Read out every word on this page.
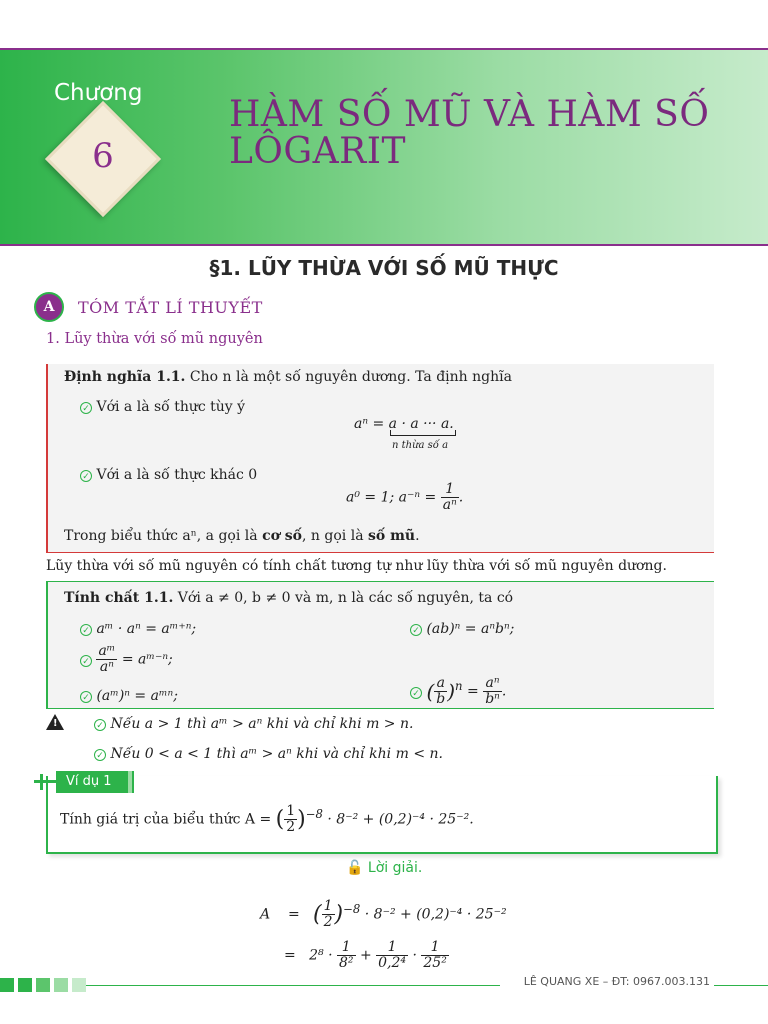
Chương
6
HÀM SỐ MŨ VÀ HÀM SỐ
LÔGARIT
§1. LŨY THỪA VỚI SỐ MŨ THỰC
A	TÓM TẮT LÍ THUYẾT
1. Lũy thừa với số mũ nguyên
Định nghĩa 1.1. Cho n là một số nguyên dương. Ta định nghĩa
✓ Với a là số thực tùy ý
aⁿ = a · a ··· a.
n thừa số a
✓ Với a là số thực khác 0
a⁰ = 1; $a^{-n} = \frac{1}{\text{aⁿ}}$ .
Trong biểu thức aⁿ, a gọi là cơ số, n gọi là số mũ.
Lũy thừa với số mũ nguyên có tính chất tương tự như lũy thừa với số mũ nguyên dương.
Tính chất 1.1. Với a ≠ 0, b ≠ 0 và m, n là các số nguyên, ta có
✓ aᵐ · aⁿ = aᵐ⁺ⁿ;	✓ (ab)ⁿ = aⁿbⁿ;
✓ $\frac{\text{aᵐ}}{\text{aⁿ}}$ = aᵐ⁻ⁿ;
✓ (aᵐ)ⁿ = aᵐⁿ;	✓ ( $\frac{a}{b} )^n = \frac{\text{aⁿ}}{\text{bⁿ}}$ .
!	✓ Nếu a > 1 thì aᵐ > aⁿ khi và chỉ khi m > n.
✓ Nếu 0 < a < 1 thì aᵐ > aⁿ khi và chỉ khi m < n.
Ví dụ 1
Tính giá trị của biểu thức A = ( $\frac{1}{2} )^{-8} \cdot 8^{-2} + (0,2)^{-4} \cdot 25^{-2}$.
🔓 Lời giải.
A = ( $\frac{1}{2} )^{-8} \cdot 8^{-2} + (0,2)^{-4} \cdot 25^{-2}$
= $2^8 \cdot \frac{1}{\text{8²}} + \frac{1}{\text{0,2⁴}} \cdot \frac{1}{\text{25²}}$
LÊ QUANG XE – ĐT: 0967.003.131
